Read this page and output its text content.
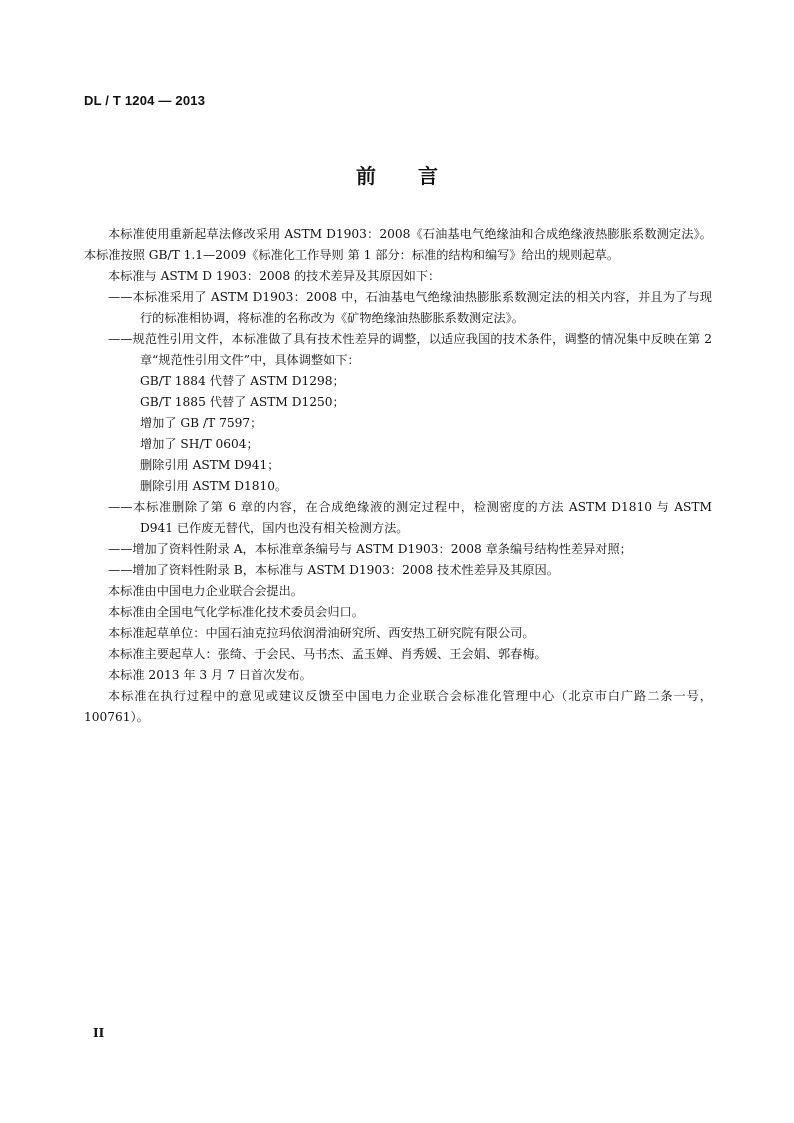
DL / T 1204 — 2013
前言

本标准使用重新起草法修改采用 ASTM D1903：2008《石油基电气绝缘油和合成绝缘液热膨胀系数测定法》。本标准按照 GB/T 1.1—2009《标准化工作导则 第 1 部分：标准的结构和编写》给出的规则起草。

本标准与 ASTM D 1903：2008 的技术差异及其原因如下：

——本标准采用了 ASTM D1903：2008 中，石油基电气绝缘油热膨胀系数测定法的相关内容，并且为了与现行的标准相协调，将标准的名称改为《矿物绝缘油热膨胀系数测定法》。

——规范性引用文件，本标准做了具有技术性差异的调整，以适应我国的技术条件，调整的情况集中反映在第 2 章“规范性引用文件”中，具体调整如下：

GB/T 1884 代替了 ASTM D1298；

GB/T 1885 代替了 ASTM D1250；

增加了 GB /T 7597；

增加了 SH/T 0604；

删除引用 ASTM D941；

删除引用 ASTM D1810。

——本标准删除了第 6 章的内容，在合成绝缘液的测定过程中，检测密度的方法 ASTM D1810 与 ASTM D941 已作废无替代，国内也没有相关检测方法。

——增加了资料性附录 A，本标准章条编号与 ASTM D1903：2008 章条编号结构性差异对照；

——增加了资料性附录 B，本标准与 ASTM D1903：2008 技术性差异及其原因。

本标准由中国电力企业联合会提出。

本标准由全国电气化学标准化技术委员会归口。

本标准起草单位：中国石油克拉玛依润滑油研究所、西安热工研究院有限公司。

本标准主要起草人：张绮、于会民、马书杰、孟玉婵、肖秀媛、王会娟、郭春梅。

本标准 2013 年 3 月 7 日首次发布。

本标准在执行过程中的意见或建议反馈至中国电力企业联合会标准化管理中心（北京市白广路二条一号，100761）。

II
